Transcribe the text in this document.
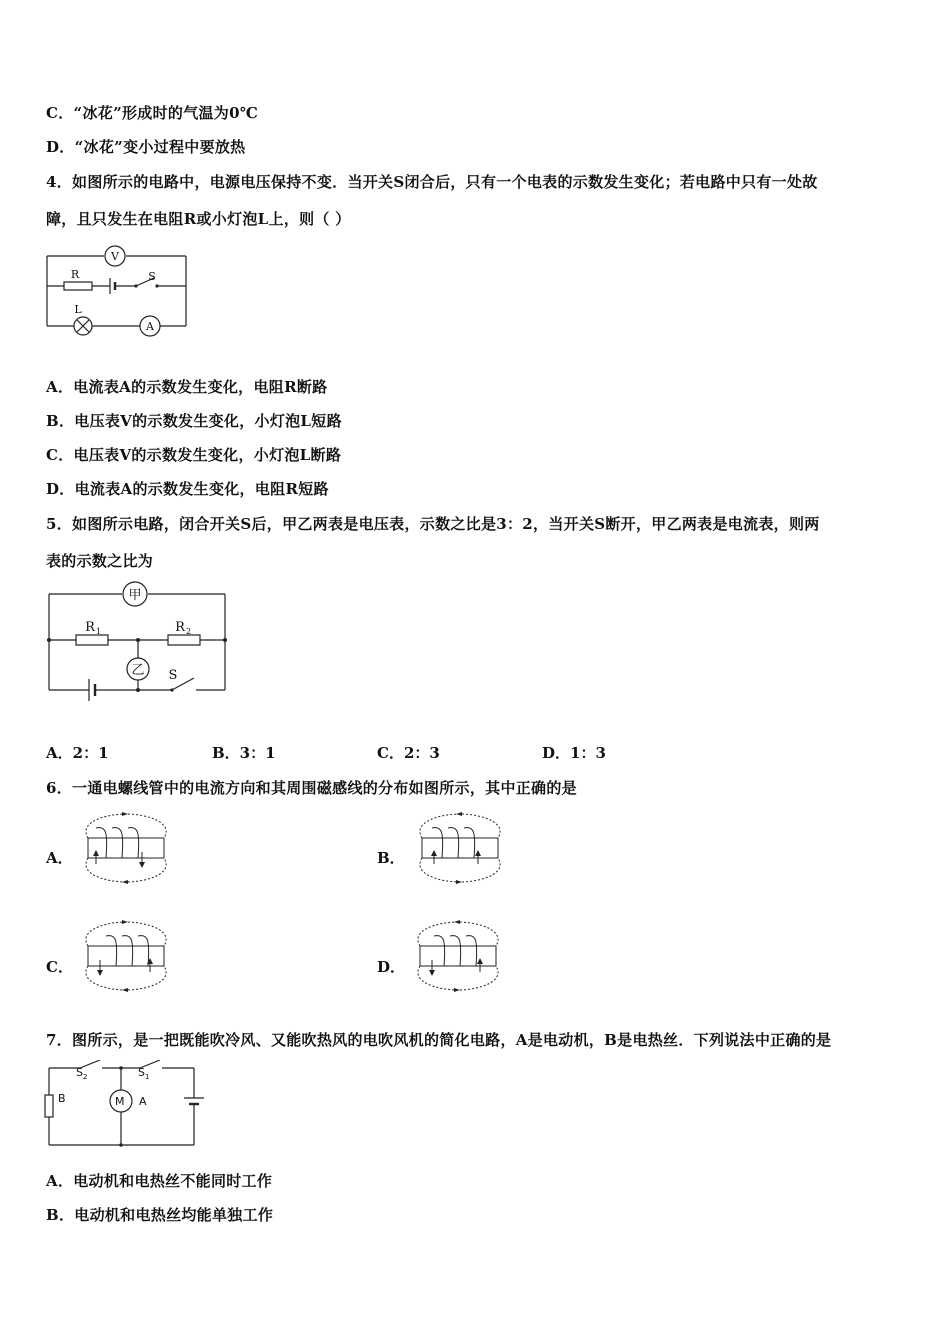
C．“冰花”形成时的气温为0℃
D．“冰花”变小过程中要放热
4．如图所示的电路中，电源电压保持不变．当开关S闭合后，只有一个电表的示数发生变化；若电路中只有一处故
障，且只发生在电阻R或小灯泡L上，则（ ）
V
A
R	S
L
A．电流表A的示数发生变化，电阻R断路
B．电压表V的示数发生变化，小灯泡L短路
C．电压表V的示数发生变化，小灯泡L断路
D．电流表A的示数发生变化，电阻R短路
5．如图所示电路，闭合开关S后，甲乙两表是电压表，示数之比是3：2，当开关S断开，甲乙两表是电流表，则两
表的示数之比为
甲
乙
R	R
S
1	2
A．2：1	B．3：1	C．2：3	D．1：3
6．一通电螺线管中的电流方向和其周围磁感线的分布如图所示，其中正确的是
A．	B．
C．	D．
7．图所示，是一把既能吹冷风、又能吹热风的电吹风机的简化电路，A是电动机，B是电热丝．下列说法中正确的是
S	S
B	M A
2	1
A．电动机和电热丝不能同时工作
B．电动机和电热丝均能单独工作
